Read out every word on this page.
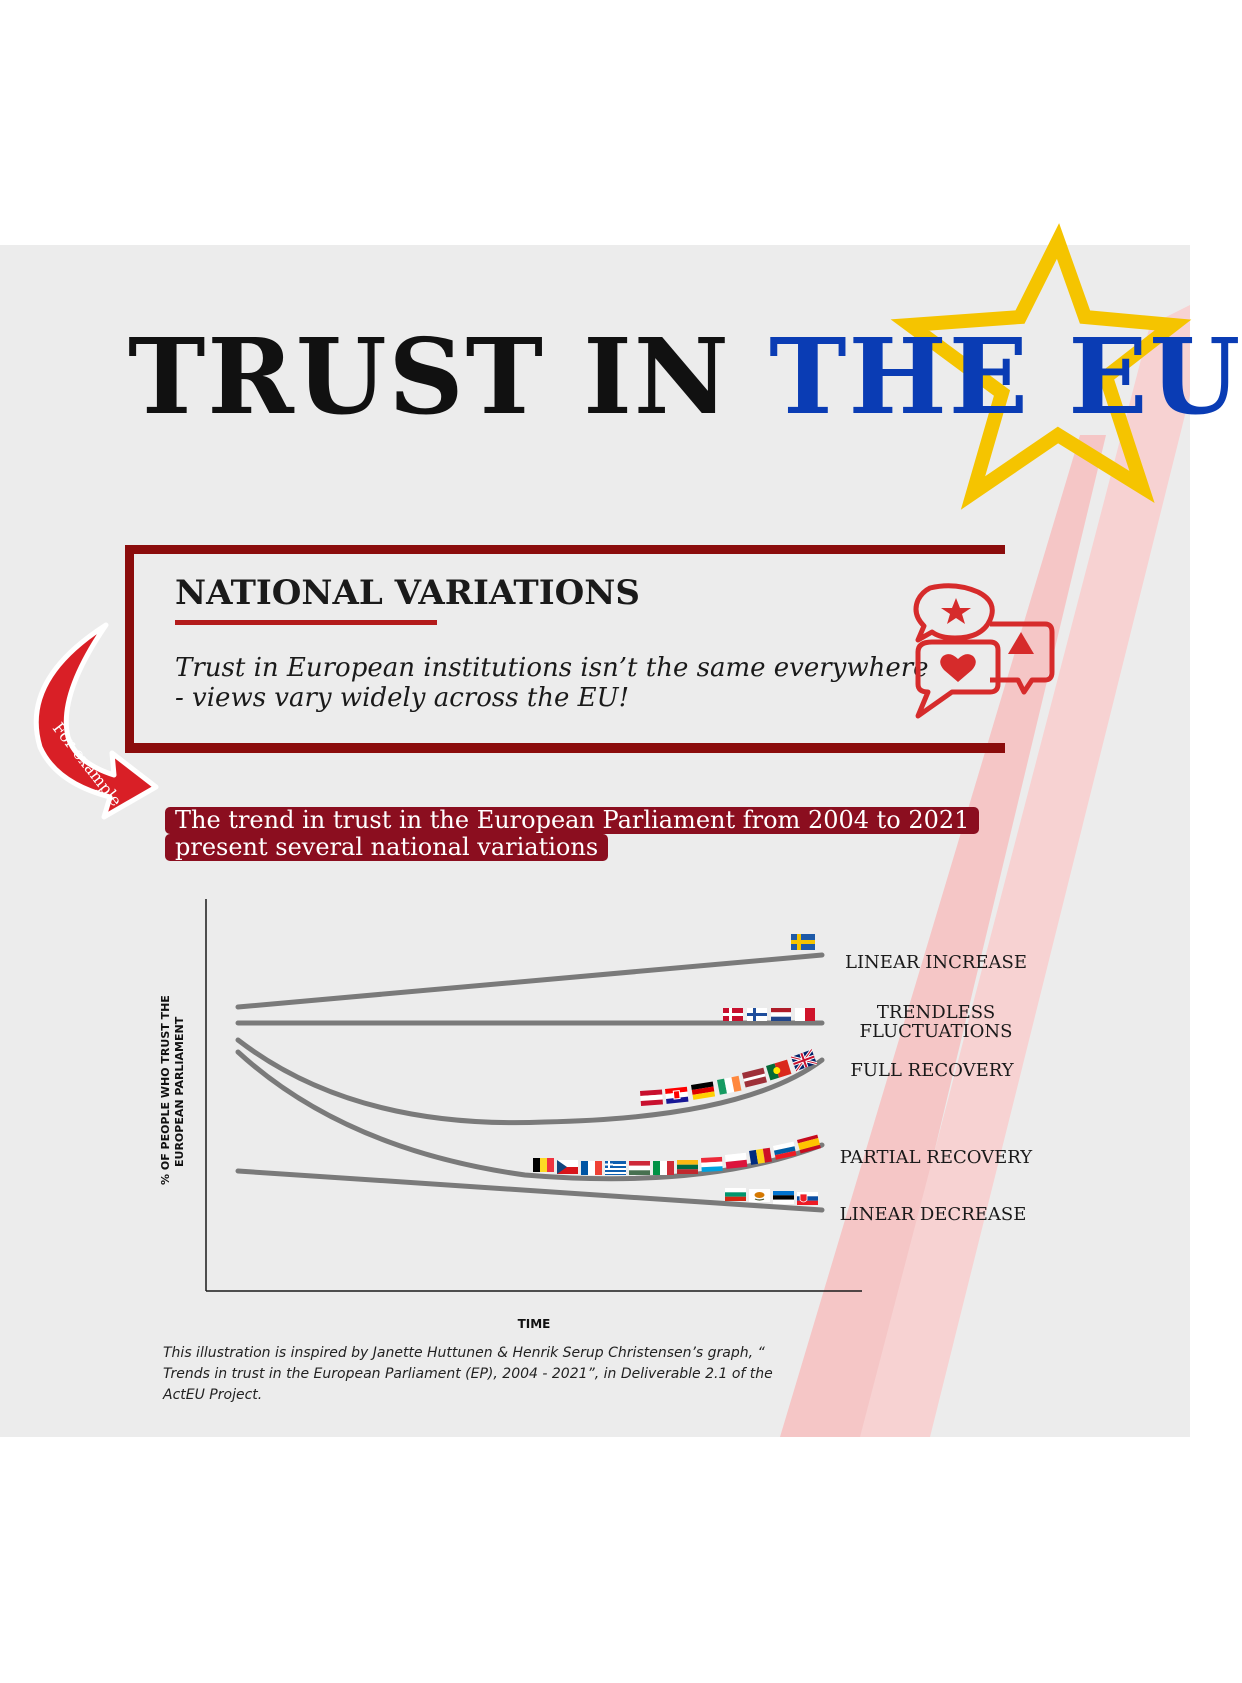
TRUST IN THE EU
NATIONAL VARIATIONS

Trust in European institutions isn’t the same everywhere - views vary widely across the EU!

For example
The trend in trust in the European Parliament from 2004 to 2021
present several national variations
% OF PEOPLE WHO TRUST THE EUROPEAN PARLIAMENT
TIME
LINEAR INCREASE
TRENDLESS
FLUCTUATIONS
FULL RECOVERY
PARTIAL RECOVERY
LINEAR DECREASE

This illustration is inspired by Janette Huttunen & Henrik Serup Christensen’s graph, “ Trends in trust in the European Parliament (EP), 2004 - 2021”, in Deliverable 2.1 of the ActEU Project.
